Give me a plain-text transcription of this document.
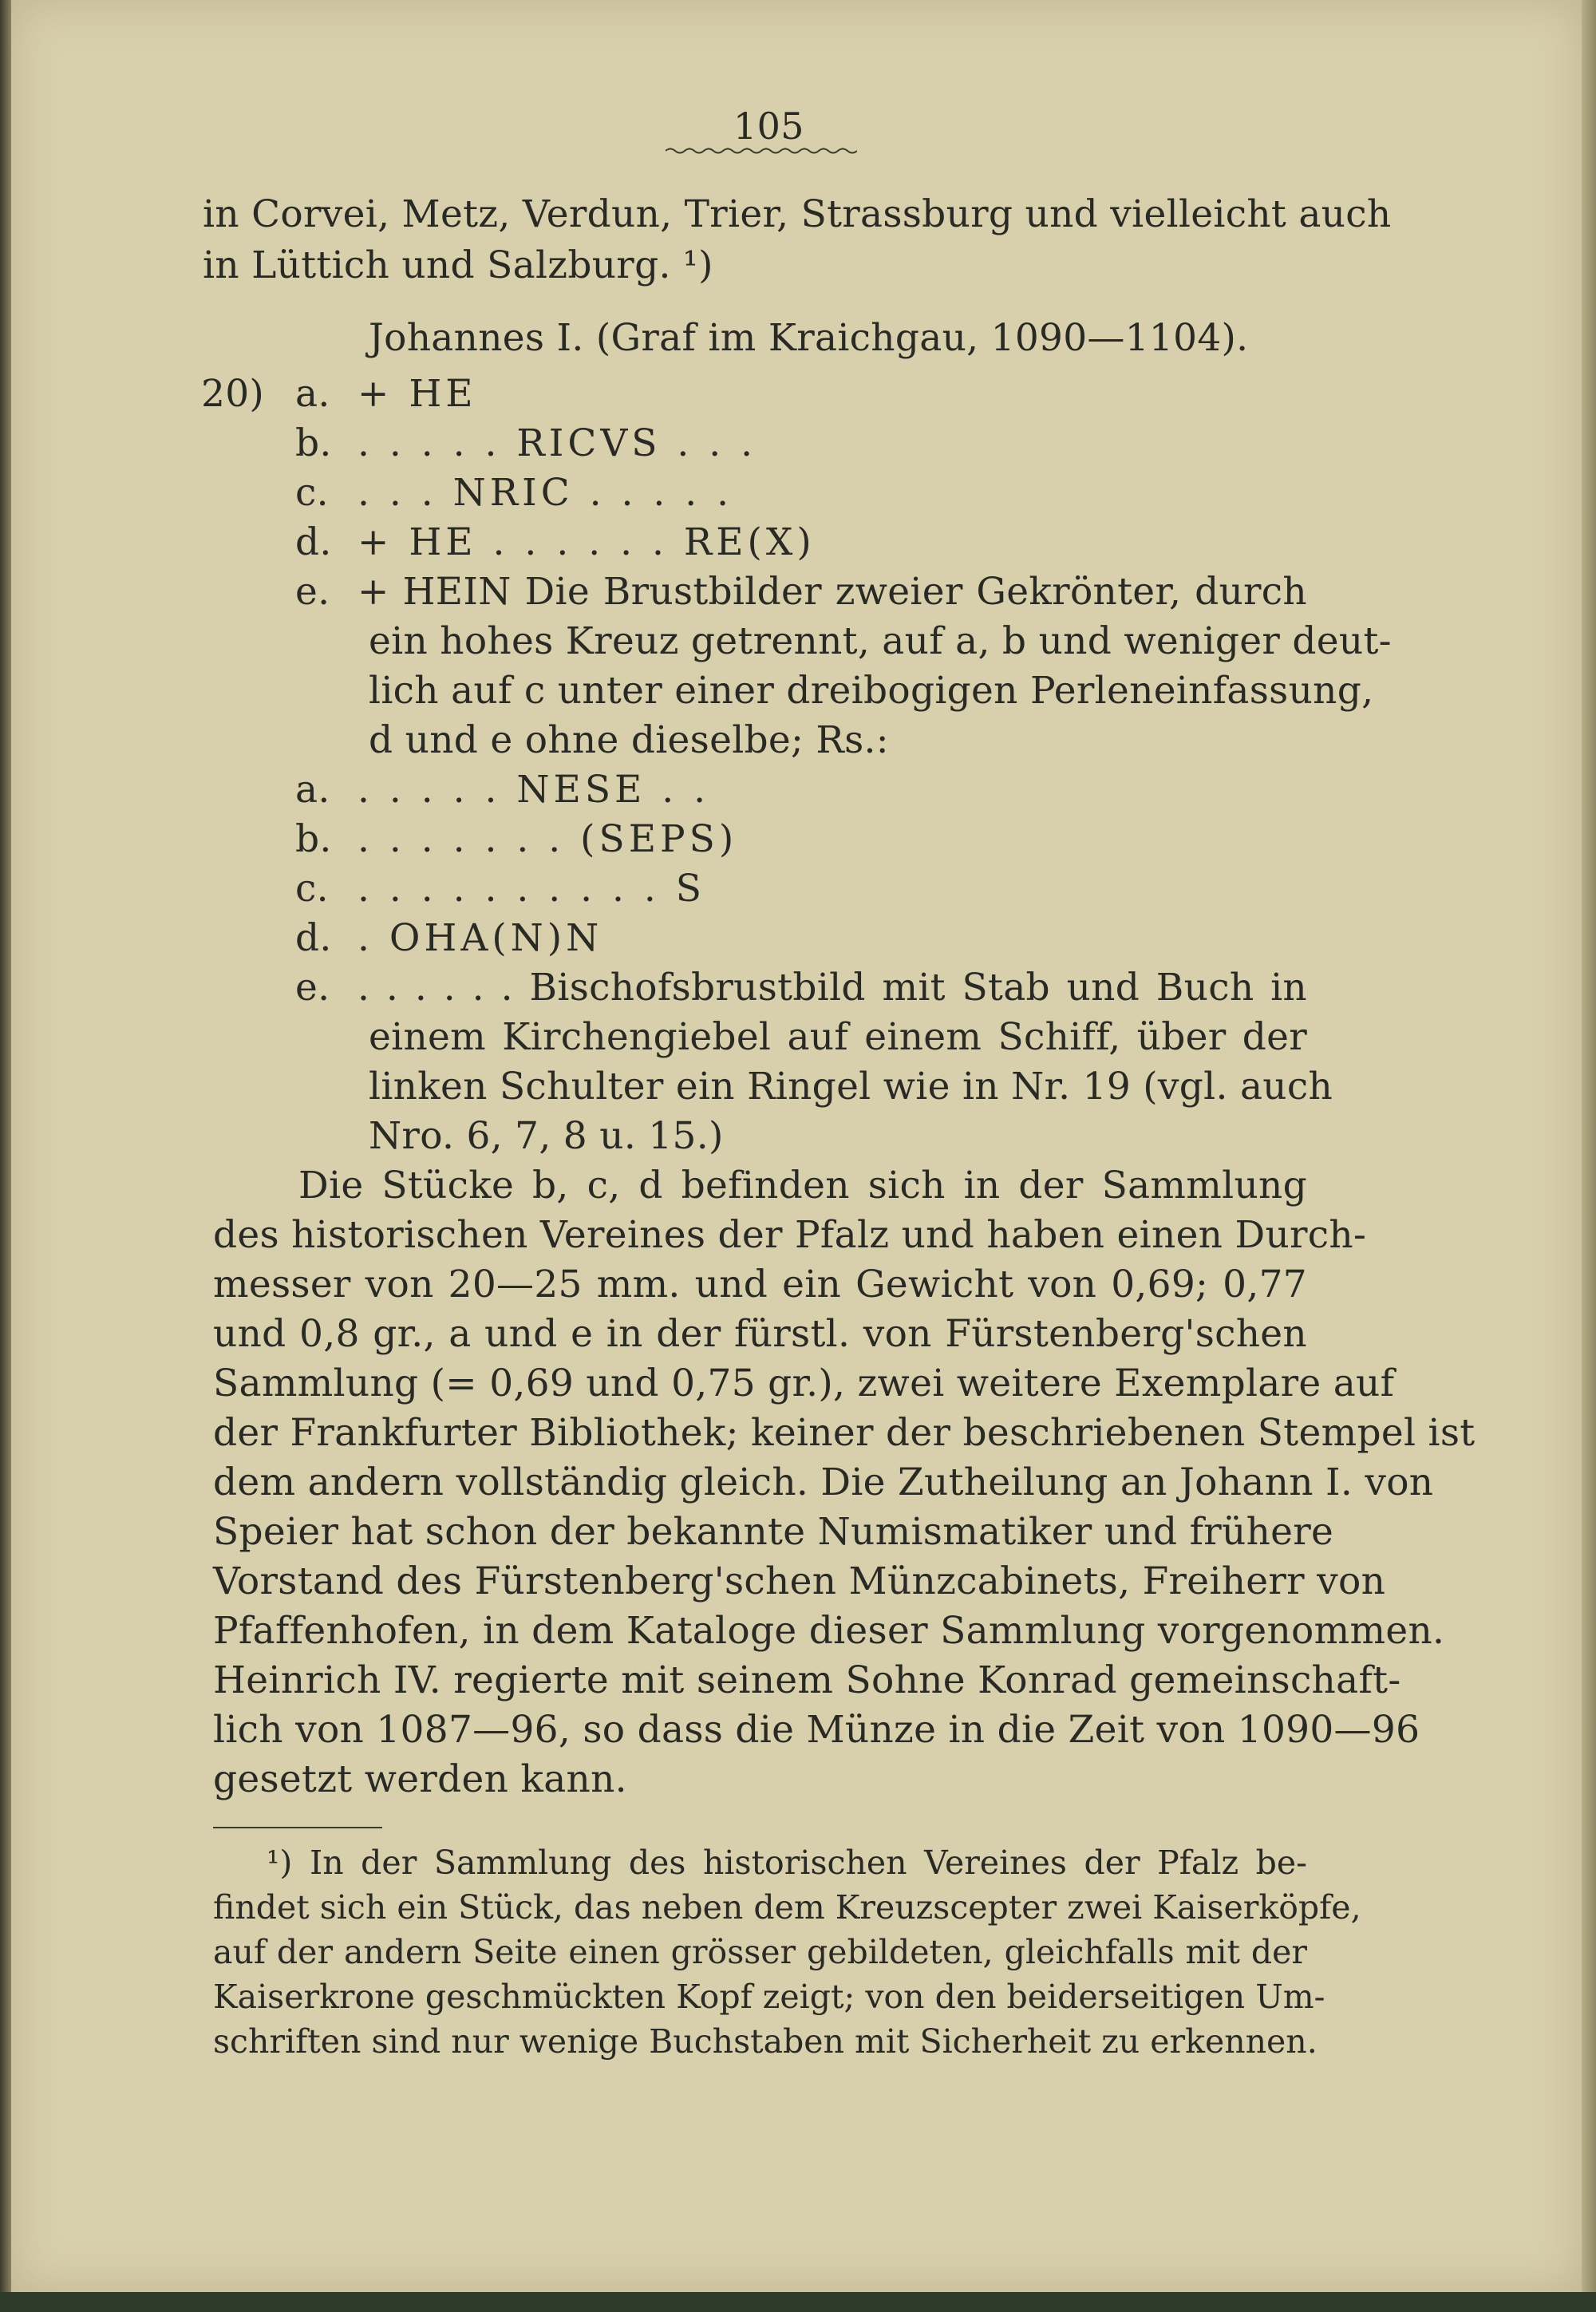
105
in Corvei, Metz, Verdun, Trier, Strassburg und vielleicht auch
in Lüttich und Salzburg. ¹)
Johannes I. (Graf im Kraichgau, 1090—1104).
20) a. + HE
b. . . . . . RICVS . . .
c. . . . NRIC . . . . .
d. + HE . . . . . . RE(X)
e. + HEIN Die Brustbilder zweier Gekrönter, durch
ein hohes Kreuz getrennt, auf a, b und weniger deut-
lich auf c unter einer dreibogigen Perleneinfassung,
d und e ohne dieselbe; Rs.:
a. . . . . . NESE . .
b. . . . . . . . (SEPS)
c. . . . . . . . . . . S
d. . OHA(N)N
e. . . . . . . Bischofsbrustbild mit Stab und Buch in
einem Kirchengiebel auf einem Schiff, über der
linken Schulter ein Ringel wie in Nr. 19 (vgl. auch
Nro. 6, 7, 8 u. 15.)
Die Stücke b, c, d befinden sich in der Sammlung
des historischen Vereines der Pfalz und haben einen Durch-
messer von 20—25 mm. und ein Gewicht von 0,69; 0,77
und 0,8 gr., a und e in der fürstl. von Fürstenberg'schen
Sammlung (= 0,69 und 0,75 gr.), zwei weitere Exemplare auf
der Frankfurter Bibliothek; keiner der beschriebenen Stempel ist
dem andern vollständig gleich. Die Zutheilung an Johann I. von
Speier hat schon der bekannte Numismatiker und frühere
Vorstand des Fürstenberg'schen Münzcabinets, Freiherr von
Pfaffenhofen, in dem Kataloge dieser Sammlung vorgenommen.
Heinrich IV. regierte mit seinem Sohne Konrad gemeinschaft-
lich von 1087—96, so dass die Münze in die Zeit von 1090—96
gesetzt werden kann.
¹) In der Sammlung des historischen Vereines der Pfalz be-
findet sich ein Stück, das neben dem Kreuzscepter zwei Kaiserköpfe,
auf der andern Seite einen grösser gebildeten, gleichfalls mit der
Kaiserkrone geschmückten Kopf zeigt; von den beiderseitigen Um-
schriften sind nur wenige Buchstaben mit Sicherheit zu erkennen.
